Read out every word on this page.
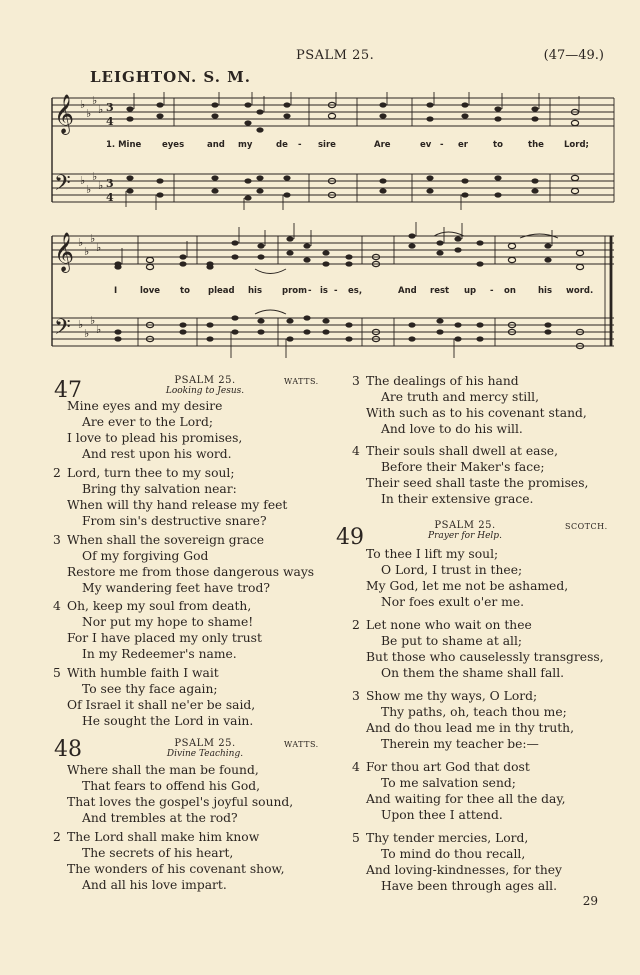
PSALM 25.	(47—49.)
LEIGHTON. S. M.
𝄞
𝄢
♭
♭
♭
♭
♭
♭
♭
♭
3
4
3
4
1. Mine eyes	and my	de - sire	Are	ev - er	to	the Lord;
𝄞
𝄢
♭
♭
♭
♭
♭
♭
♭
♭
I	love to plead his prom - is - es,	And rest up - on	his word.
47	PSALM 25.
Looking to Jesus.
WATTS.
Mine eyes and my desire
Are ever to the Lord;
I love to plead his promises,
And rest upon his word.
2 Lord, turn thee to my soul;
Bring thy salvation near:
When will thy hand release my feet
From sin's destructive snare?
3 When shall the sovereign grace
Of my forgiving God
Restore me from those dangerous ways
My wandering feet have trod?
4 Oh, keep my soul from death,
Nor put my hope to shame!
For I have placed my only trust
In my Redeemer's name.
5 With humble faith I wait
To see thy face again;
Of Israel it shall ne'er be said,
He sought the Lord in vain.
48	PSALM 25.
Divine Teaching.
WATTS.
Where shall the man be found,
That fears to offend his God,
That loves the gospel's joyful sound,
And trembles at the rod?
2 The Lord shall make him know
The secrets of his heart,
The wonders of his covenant show,
And all his love impart.
3 The dealings of his hand
Are truth and mercy still,
With such as to his covenant stand,
And love to do his will.
4 Their souls shall dwell at ease,
Before their Maker's face;
Their seed shall taste the promises,
In their extensive grace.
49	PSALM 25.
Prayer for Help.
SCOTCH.
To thee I lift my soul;
O Lord, I trust in thee;
My God, let me not be ashamed,
Nor foes exult o'er me.
2 Let none who wait on thee
Be put to shame at all;
But those who causelessly transgress,
On them the shame shall fall.
3 Show me thy ways, O Lord;
Thy paths, oh, teach thou me;
And do thou lead me in thy truth,
Therein my teacher be:—
4 For thou art God that dost
To me salvation send;
And waiting for thee all the day,
Upon thee I attend.
5 Thy tender mercies, Lord,
To mind do thou recall,
And loving-kindnesses, for they
Have been through ages all.
29
